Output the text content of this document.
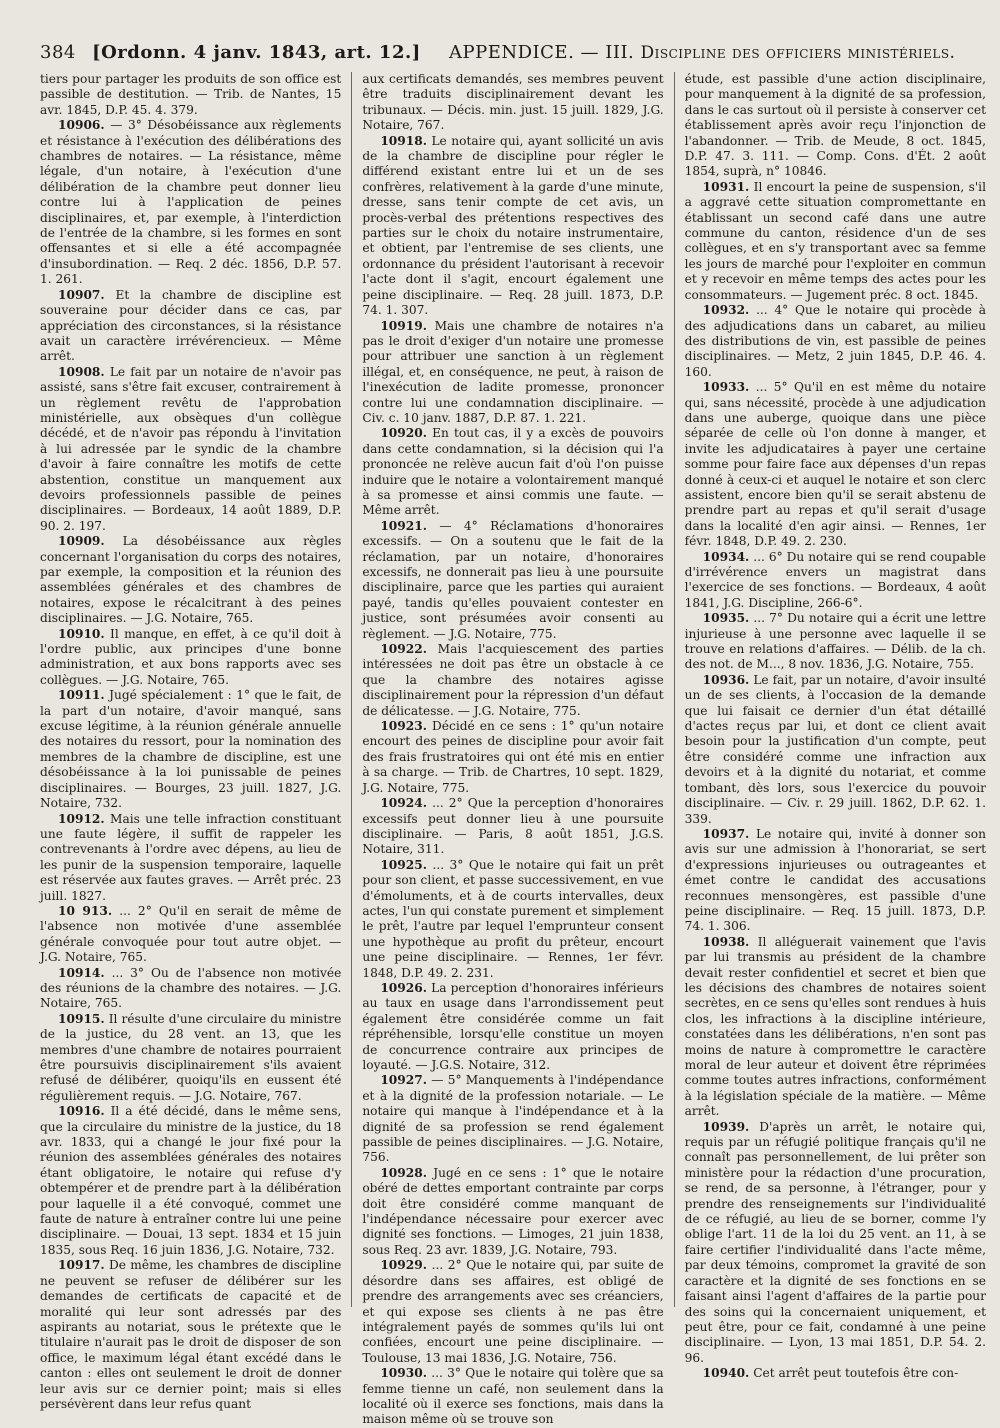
384 [Ordonn. 4 janv. 1843, art. 12.] APPENDICE. — III. Discipline des officiers ministériels.

tiers pour partager les produits de son office est passible de destitution. — Trib. de Nantes, 15 avr. 1845, D.P. 45. 4. 379.

10906. — 3° Désobéissance aux règlements et résistance à l'exécution des délibérations des chambres de notaires. — La résistance, même légale, d'un notaire, à l'exécution d'une délibération de la chambre peut donner lieu contre lui à l'application de peines disciplinaires, et, par exemple, à l'interdiction de l'entrée de la chambre, si les formes en sont offensantes et si elle a été accompagnée d'insubordination. — Req. 2 déc. 1856, D.P. 57. 1. 261.

10907. Et la chambre de discipline est souveraine pour décider dans ce cas, par appréciation des circonstances, si la résistance avait un caractère irrévérencieux. — Même arrêt.

10908. Le fait par un notaire de n'avoir pas assisté, sans s'être fait excuser, contrairement à un règlement revêtu de l'approbation ministérielle, aux obsèques d'un collègue décédé, et de n'avoir pas répondu à l'invitation à lui adressée par le syndic de la chambre d'avoir à faire connaître les motifs de cette abstention, constitue un manquement aux devoirs professionnels passible de peines disciplinaires. — Bordeaux, 14 août 1889, D.P. 90. 2. 197.

10909. La désobéissance aux règles concernant l'organisation du corps des notaires, par exemple, la composition et la réunion des assemblées générales et des chambres de notaires, expose le récalcitrant à des peines disciplinaires. — J.G. Notaire, 765.

10910. Il manque, en effet, à ce qu'il doit à l'ordre public, aux principes d'une bonne administration, et aux bons rapports avec ses collègues. — J.G. Notaire, 765.

10911. Jugé spécialement : 1° que le fait, de la part d'un notaire, d'avoir manqué, sans excuse légitime, à la réunion générale annuelle des notaires du ressort, pour la nomination des membres de la chambre de discipline, est une désobéissance à la loi punissable de peines disciplinaires. — Bourges, 23 juill. 1827, J.G. Notaire, 732.

10912. Mais une telle infraction constituant une faute légère, il suffit de rappeler les contrevenants à l'ordre avec dépens, au lieu de les punir de la suspension temporaire, laquelle est réservée aux fautes graves. — Arrêt préc. 23 juill. 1827.

10 913. ... 2° Qu'il en serait de même de l'absence non motivée d'une assemblée générale convoquée pour tout autre objet. — J.G. Notaire, 765.

10914. ... 3° Ou de l'absence non motivée des réunions de la chambre des notaires. — J.G. Notaire, 765.

10915. Il résulte d'une circulaire du ministre de la justice, du 28 vent. an 13, que les membres d'une chambre de notaires pourraient être poursuivis disciplinairement s'ils avaient refusé de délibérer, quoiqu'ils en eussent été régulièrement requis. — J.G. Notaire, 767.

10916. Il a été décidé, dans le même sens, que la circulaire du ministre de la justice, du 18 avr. 1833, qui a changé le jour fixé pour la réunion des assemblées générales des notaires étant obligatoire, le notaire qui refuse d'y obtempérer et de prendre part à la délibération pour laquelle il a été convoqué, commet une faute de nature à entraîner contre lui une peine disciplinaire. — Douai, 13 sept. 1834 et 15 juin 1835, sous Req. 16 juin 1836, J.G. Notaire, 732.

10917. De même, les chambres de discipline ne peuvent se refuser de délibérer sur les demandes de certificats de capacité et de moralité qui leur sont adressés par des aspirants au notariat, sous le prétexte que le titulaire n'aurait pas le droit de disposer de son office, le maximum légal étant excédé dans le canton : elles ont seulement le droit de donner leur avis sur ce dernier point; mais si elles persévèrent dans leur refus quant

aux certificats demandés, ses membres peuvent être traduits disciplinairement devant les tribunaux. — Décis. min. just. 15 juill. 1829, J.G. Notaire, 767.

10918. Le notaire qui, ayant sollicité un avis de la chambre de discipline pour régler le différend existant entre lui et un de ses confrères, relativement à la garde d'une minute, dresse, sans tenir compte de cet avis, un procès-verbal des prétentions respectives des parties sur le choix du notaire instrumentaire, et obtient, par l'entremise de ses clients, une ordonnance du président l'autorisant à recevoir l'acte dont il s'agit, encourt également une peine disciplinaire. — Req. 28 juill. 1873, D.P. 74. 1. 307.

10919. Mais une chambre de notaires n'a pas le droit d'exiger d'un notaire une promesse pour attribuer une sanction à un règlement illégal, et, en conséquence, ne peut, à raison de l'inexécution de ladite promesse, prononcer contre lui une condamnation disciplinaire. — Civ. c. 10 janv. 1887, D.P. 87. 1. 221.

10920. En tout cas, il y a excès de pouvoirs dans cette condamnation, si la décision qui l'a prononcée ne relève aucun fait d'où l'on puisse induire que le notaire a volontairement manqué à sa promesse et ainsi commis une faute. — Même arrêt.

10921. — 4° Réclamations d'honoraires excessifs. — On a soutenu que le fait de la réclamation, par un notaire, d'honoraires excessifs, ne donnerait pas lieu à une poursuite disciplinaire, parce que les parties qui auraient payé, tandis qu'elles pouvaient contester en justice, sont présumées avoir consenti au règlement. — J.G. Notaire, 775.

10922. Mais l'acquiescement des parties intéressées ne doit pas être un obstacle à ce que la chambre des notaires agisse disciplinairement pour la répression d'un défaut de délicatesse. — J.G. Notaire, 775.

10923. Décidé en ce sens : 1° qu'un notaire encourt des peines de discipline pour avoir fait des frais frustratoires qui ont été mis en entier à sa charge. — Trib. de Chartres, 10 sept. 1829, J.G. Notaire, 775.

10924. ... 2° Que la perception d'honoraires excessifs peut donner lieu à une poursuite disciplinaire. — Paris, 8 août 1851, J.G.S. Notaire, 311.

10925. ... 3° Que le notaire qui fait un prêt pour son client, et passe successivement, en vue d'émoluments, et à de courts intervalles, deux actes, l'un qui constate purement et simplement le prêt, l'autre par lequel l'emprunteur consent une hypothèque au profit du prêteur, encourt une peine disciplinaire. — Rennes, 1er févr. 1848, D.P. 49. 2. 231.

10926. La perception d'honoraires inférieurs au taux en usage dans l'arrondissement peut également être considérée comme un fait répréhensible, lorsqu'elle constitue un moyen de concurrence contraire aux principes de loyauté. — J.G.S. Notaire, 312.

10927. — 5° Manquements à l'indépendance et à la dignité de la profession notariale. — Le notaire qui manque à l'indépendance et à la dignité de sa profession se rend également passible de peines disciplinaires. — J.G. Notaire, 756.

10928. Jugé en ce sens : 1° que le notaire obéré de dettes emportant contrainte par corps doit être considéré comme manquant de l'indépendance nécessaire pour exercer avec dignité ses fonctions. — Limoges, 21 juin 1838, sous Req. 23 avr. 1839, J.G. Notaire, 793.

10929. ... 2° Que le notaire qui, par suite de désordre dans ses affaires, est obligé de prendre des arrangements avec ses créanciers, et qui expose ses clients à ne pas être intégralement payés de sommes qu'ils lui ont confiées, encourt une peine disciplinaire. — Toulouse, 13 mai 1836, J.G. Notaire, 756.

10930. ... 3° Que le notaire qui tolère que sa femme tienne un café, non seulement dans la localité où il exerce ses fonctions, mais dans la maison même où se trouve son

étude, est passible d'une action disciplinaire, pour manquement à la dignité de sa profession, dans le cas surtout où il persiste à conserver cet établissement après avoir reçu l'injonction de l'abandonner. — Trib. de Meude, 8 oct. 1845, D.P. 47. 3. 111. — Comp. Cons. d'Ét. 2 août 1854, suprà, n° 10846.

10931. Il encourt la peine de suspension, s'il a aggravé cette situation compromettante en établissant un second café dans une autre commune du canton, résidence d'un de ses collègues, et en s'y transportant avec sa femme les jours de marché pour l'exploiter en commun et y recevoir en même temps des actes pour les consommateurs. — Jugement préc. 8 oct. 1845.

10932. ... 4° Que le notaire qui procède à des adjudications dans un cabaret, au milieu des distributions de vin, est passible de peines disciplinaires. — Metz, 2 juin 1845, D.P. 46. 4. 160.

10933. ... 5° Qu'il en est même du notaire qui, sans nécessité, procède à une adjudication dans une auberge, quoique dans une pièce séparée de celle où l'on donne à manger, et invite les adjudicataires à payer une certaine somme pour faire face aux dépenses d'un repas donné à ceux-ci et auquel le notaire et son clerc assistent, encore bien qu'il se serait abstenu de prendre part au repas et qu'il serait d'usage dans la localité d'en agir ainsi. — Rennes, 1er févr. 1848, D.P. 49. 2. 230.

10934. ... 6° Du notaire qui se rend coupable d'irrévérence envers un magistrat dans l'exercice de ses fonctions. — Bordeaux, 4 août 1841, J.G. Discipline, 266-6°.

10935. ... 7° Du notaire qui a écrit une lettre injurieuse à une personne avec laquelle il se trouve en relations d'affaires. — Délib. de la ch. des not. de M..., 8 nov. 1836, J.G. Notaire, 755.

10936. Le fait, par un notaire, d'avoir insulté un de ses clients, à l'occasion de la demande que lui faisait ce dernier d'un état détaillé d'actes reçus par lui, et dont ce client avait besoin pour la justification d'un compte, peut être considéré comme une infraction aux devoirs et à la dignité du notariat, et comme tombant, dès lors, sous l'exercice du pouvoir disciplinaire. — Civ. r. 29 juill. 1862, D.P. 62. 1. 339.

10937. Le notaire qui, invité à donner son avis sur une admission à l'honorariat, se sert d'expressions injurieuses ou outrageantes et émet contre le candidat des accusations reconnues mensongères, est passible d'une peine disciplinaire. — Req. 15 juill. 1873, D.P. 74. 1. 306.

10938. Il alléguerait vainement que l'avis par lui transmis au président de la chambre devait rester confidentiel et secret et bien que les décisions des chambres de notaires soient secrètes, en ce sens qu'elles sont rendues à huis clos, les infractions à la discipline intérieure, constatées dans les délibérations, n'en sont pas moins de nature à compromettre le caractère moral de leur auteur et doivent être réprimées comme toutes autres infractions, conformément à la législation spéciale de la matière. — Même arrêt.

10939. D'après un arrêt, le notaire qui, requis par un réfugié politique français qu'il ne connaît pas personnellement, de lui prêter son ministère pour la rédaction d'une procuration, se rend, de sa personne, à l'étranger, pour y prendre des renseignements sur l'individualité de ce réfugié, au lieu de se borner, comme l'y oblige l'art. 11 de la loi du 25 vent. an 11, à se faire certifier l'individualité dans l'acte même, par deux témoins, compromet la gravité de son caractère et la dignité de ses fonctions en se faisant ainsi l'agent d'affaires de la partie pour des soins qui la concernaient uniquement, et peut être, pour ce fait, condamné à une peine disciplinaire. — Lyon, 13 mai 1851, D.P. 54. 2. 96.

10940. Cet arrêt peut toutefois être con-
